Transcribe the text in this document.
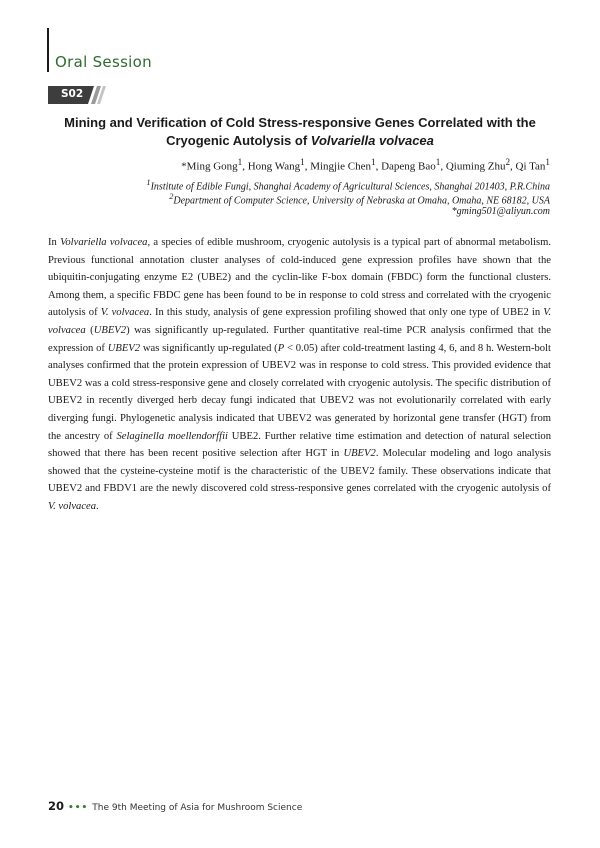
Oral Session
S02
Mining and Verification of Cold Stress-responsive Genes Correlated with the
Cryogenic Autolysis of Volvariella volvacea
*Ming Gong$^1$, Hong Wang$^1$, Mingjie Chen$^1$, Dapeng Bao$^1$, Qiuming Zhu$^2$, Qi Tan$^1$
$^1$Institute of Edible Fungi, Shanghai Academy of Agricultural Sciences, Shanghai 201403, P.R.China
$^2$Department of Computer Science, University of Nebraska at Omaha, Omaha, NE 68182, USA
*gming501@aliyun.com

In Volvariella volvacea, a species of edible mushroom, cryogenic autolysis is a typical part of abnormal metabolism. Previous functional annotation cluster analyses of cold-induced gene expression profiles have shown that the ubiquitin-conjugating enzyme E2 (UBE2) and the cyclin-like F-box domain (FBDC) form the functional clusters. Among them, a specific FBDC gene has been found to be in response to cold stress and correlated with the cryogenic autolysis of V. volvacea. In this study, analysis of gene expression profiling showed that only one type of UBE2 in V. volvacea (UBEV2) was significantly up-regulated. Further quantitative real-time PCR analysis confirmed that the expression of UBEV2 was significantly up-regulated (P < 0.05) after cold-treatment lasting 4, 6, and 8 h. Western-bolt analyses confirmed that the protein expression of UBEV2 was in response to cold stress. This provided evidence that UBEV2 was a cold stress-responsive gene and closely correlated with cryogenic autolysis. The specific distribution of UBEV2 in recently diverged herb decay fungi indicated that UBEV2 was not evolutionarily correlated with early diverging fungi. Phylogenetic analysis indicated that UBEV2 was generated by horizontal gene transfer (HGT) from the ancestry of Selaginella moellendorffii UBE2. Further relative time estimation and detection of natural selection showed that there has been recent positive selection after HGT in UBEV2. Molecular modeling and logo analysis showed that the cysteine-cysteine motif is the characteristic of the UBEV2 family. These observations indicate that UBEV2 and FBDV1 are the newly discovered cold stress-responsive genes correlated with the cryogenic autolysis of V. volvacea.

20 ••• The 9th Meeting of Asia for Mushroom Science
